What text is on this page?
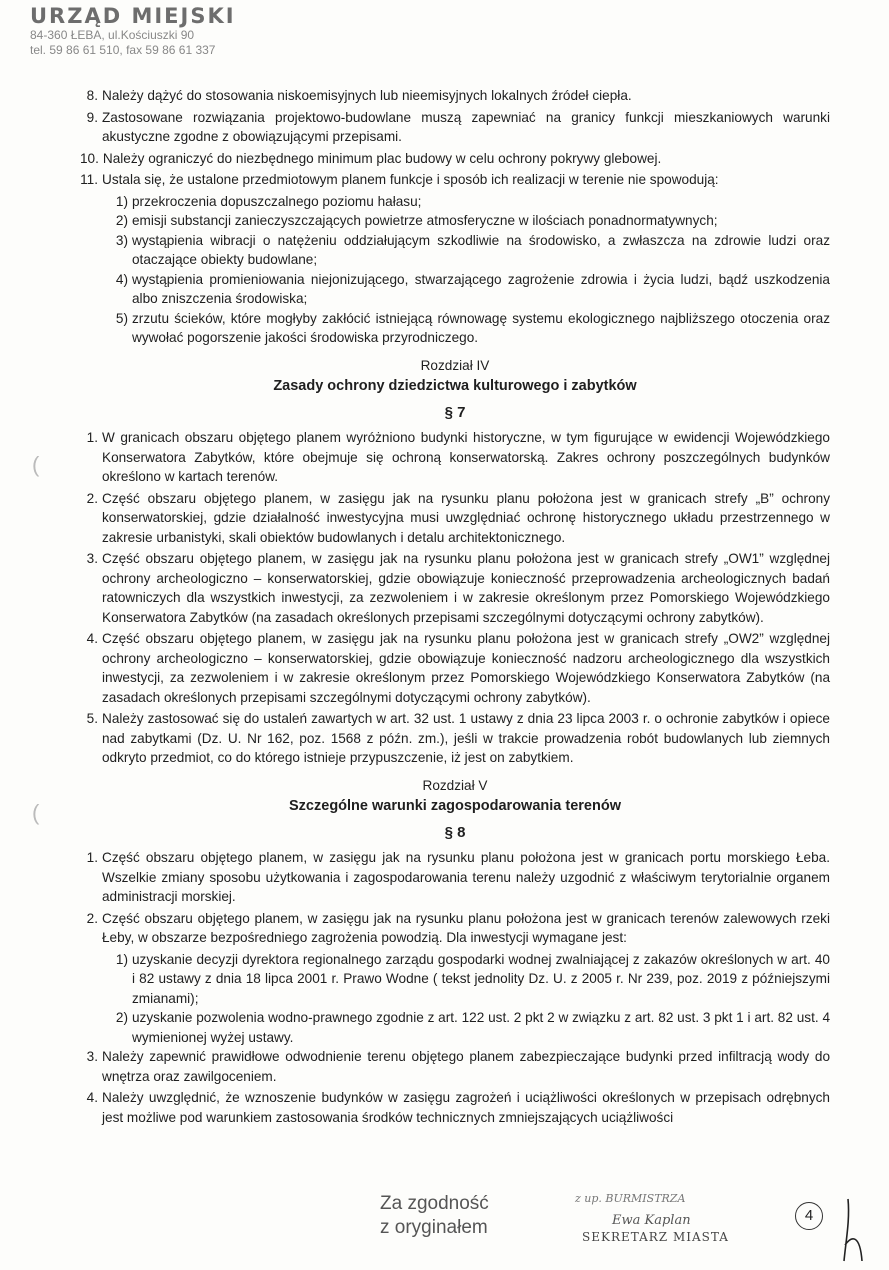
URZĄD MIEJSKI
84-360 ŁEBA, ul.Kościuszki 90
tel. 59 86 61 510, fax 59 86 61 337
(
(
8. Należy dążyć do stosowania niskoemisyjnych lub nieemisyjnych lokalnych źródeł ciepła.
9. Zastosowane rozwiązania projektowo-budowlane muszą zapewniać na granicy funkcji mieszkaniowych warunki akustyczne zgodne z obowiązującymi przepisami.
10. Należy ograniczyć do niezbędnego minimum plac budowy w celu ochrony pokrywy glebowej.
11. Ustala się, że ustalone przedmiotowym planem funkcje i sposób ich realizacji w terenie nie spowodują:
1) przekroczenia dopuszczalnego poziomu hałasu;
2) emisji substancji zanieczyszczających powietrze atmosferyczne w ilościach ponadnormatywnych;
3) wystąpienia wibracji o natężeniu oddziałującym szkodliwie na środowisko, a zwłaszcza na zdrowie ludzi oraz otaczające obiekty budowlane;
4) wystąpienia promieniowania niejonizującego, stwarzającego zagrożenie zdrowia i życia ludzi, bądź uszkodzenia albo zniszczenia środowiska;
5) zrzutu ścieków, które mogłyby zakłócić istniejącą równowagę systemu ekologicznego najbliższego otoczenia oraz wywołać pogorszenie jakości środowiska przyrodniczego.
Rozdział IV
Zasady ochrony dziedzictwa kulturowego i zabytków
§ 7
1. W granicach obszaru objętego planem wyróżniono budynki historyczne, w tym figurujące w ewidencji Wojewódzkiego Konserwatora Zabytków, które obejmuje się ochroną konserwatorską. Zakres ochrony poszczególnych budynków określono w kartach terenów.
2. Część obszaru objętego planem, w zasięgu jak na rysunku planu położona jest w granicach strefy „B” ochrony konserwatorskiej, gdzie działalność inwestycyjna musi uwzględniać ochronę historycznego układu przestrzennego w zakresie urbanistyki, skali obiektów budowlanych i detalu architektonicznego.
3. Część obszaru objętego planem, w zasięgu jak na rysunku planu położona jest w granicach strefy „OW1” względnej ochrony archeologiczno – konserwatorskiej, gdzie obowiązuje konieczność przeprowadzenia archeologicznych badań ratowniczych dla wszystkich inwestycji, za zezwoleniem i w zakresie określonym przez Pomorskiego Wojewódzkiego Konserwatora Zabytków (na zasadach określonych przepisami szczególnymi dotyczącymi ochrony zabytków).
4. Część obszaru objętego planem, w zasięgu jak na rysunku planu położona jest w granicach strefy „OW2” względnej ochrony archeologiczno – konserwatorskiej, gdzie obowiązuje konieczność nadzoru archeologicznego dla wszystkich inwestycji, za zezwoleniem i w zakresie określonym przez Pomorskiego Wojewódzkiego Konserwatora Zabytków (na zasadach określonych przepisami szczególnymi dotyczącymi ochrony zabytków).
5. Należy zastosować się do ustaleń zawartych w art. 32 ust. 1 ustawy z dnia 23 lipca 2003 r. o ochronie zabytków i opiece nad zabytkami (Dz. U. Nr 162, poz. 1568 z późn. zm.), jeśli w trakcie prowadzenia robót budowlanych lub ziemnych odkryto przedmiot, co do którego istnieje przypuszczenie, iż jest on zabytkiem.
Rozdział V
Szczególne warunki zagospodarowania terenów
§ 8
1. Część obszaru objętego planem, w zasięgu jak na rysunku planu położona jest w granicach portu morskiego Łeba. Wszelkie zmiany sposobu użytkowania i zagospodarowania terenu należy uzgodnić z właściwym terytorialnie organem administracji morskiej.
2. Część obszaru objętego planem, w zasięgu jak na rysunku planu położona jest w granicach terenów zalewowych rzeki Łeby, w obszarze bezpośredniego zagrożenia powodzią. Dla inwestycji wymagane jest:
1) uzyskanie decyzji dyrektora regionalnego zarządu gospodarki wodnej zwalniającej z zakazów określonych w art. 40 i 82 ustawy z dnia 18 lipca 2001 r. Prawo Wodne ( tekst jednolity Dz. U. z 2005 r. Nr 239, poz. 2019 z późniejszymi zmianami);
2) uzyskanie pozwolenia wodno-prawnego zgodnie z art. 122 ust. 2 pkt 2 w związku z art. 82 ust. 3 pkt 1 i art. 82 ust. 4 wymienionej wyżej ustawy.
3. Należy zapewnić prawidłowe odwodnienie terenu objętego planem zabezpieczające budynki przed infiltracją wody do wnętrza oraz zawilgoceniem.
4. Należy uwzględnić, że wznoszenie budynków w zasięgu zagrożeń i uciążliwości określonych w przepisach odrębnych jest możliwe pod warunkiem zastosowania środków technicznych zmniejszających uciążliwości
Za zgodność
z oryginałem
z up. BURMISTRZA
Ewa Kaplan
SEKRETARZ MIASTA
4
